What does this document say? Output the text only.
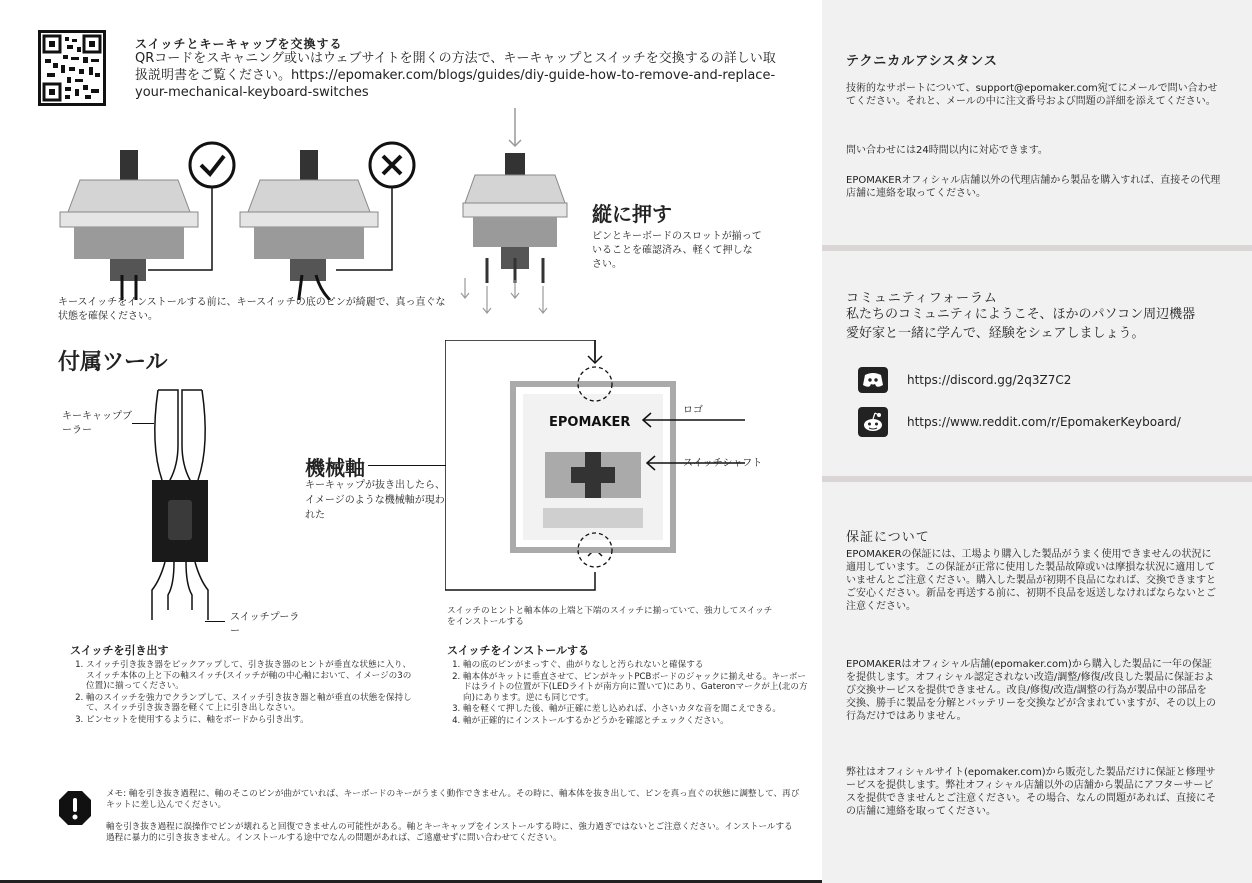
スイッチとキーキャップを交換する
QRコードをスキャニング或いはウェブサイトを開くの方法で、キーキャップとスイッチを交換するの詳しい取扱説明書をご覧ください。https://epomaker.com/blogs/guides/diy-guide-how-to-remove-and-replace-your-mechanical-keyboard-switches
キースイッチをインストールする前に、キースイッチの底のピンが綺麗で、真っ直ぐな状態を確保ください。
縦に押す
ピンとキーボードのスロットが揃っていることを確認済み、軽くて押しなさい。
付属ツール
キーキャップブーラー
スイッチプーラー
機械軸
キーキャップが抜き出したら、イメージのような機械軸が現われた
EPOMAKER
ロゴ
スイッチシャフト
スイッチのヒントと軸本体の上端と下端のスイッチに揃っていて、強力してスイッチをインストールする
スイッチを引き出す
1. スイッチ引き抜き器をピックアップして、引き抜き器のヒントが垂直な状態に入り、スイッチ本体の上と下の軸スイッチ(スイッチが軸の中心軸において、イメージの3の位置)に揃ってください。
2. 軸のスイッチを強力でクランプして、スイッチ引き抜き器と軸が垂直の状態を保持して、スイッチ引き抜き器を軽くて上に引き出しなさい。
3. ピンセットを使用するように、軸をボードから引き出す。
スイッチをインストールする
1. 軸の底のピンがまっすぐ、曲がりなしと汚られないと確保する
2. 軸本体がキットに垂直させて、ピンがキットPCBボードのジャックに揃えせる。キーボードはライトの位置が下(LEDライトが南方向に置いて)にあり、Gateronマークが上(北の方向)にあります。逆にも同じです。
3. 軸を軽くて押した後、軸が正確に差し込めれば、小さいカタな音を聞こえできる。
4. 軸が正確的にインストールするかどうかを確認とチェックください。
メモ: 軸を引き抜き過程に、軸のそこのピンが曲がていれば、キーボードのキーがうまく動作できません。その時に、軸本体を抜き出して、ピンを真っ直ぐの状態に調整して、再びキットに差し込んでください。
軸を引き抜き過程に誤操作でピンが壊れると回復できませんの可能性がある。軸とキーキャップをインストールする時に、強力過ぎではないとご注意ください。インストールする過程に暴力的に引き抜きません。インストールする途中でなんの問題があれば、ご遠慮せずに問い合わせてください。
テクニカルアシスタンス
技術的なサポートについて、support@epomaker.com宛てにメールで問い合わせてください。それと、メールの中に注文番号および問題の詳細を添えてください。
問い合わせには24時間以内に対応できます。
EPOMAKERオフィシャル店舗以外の代理店舗から製品を購入すれば、直接その代理店舗に連絡を取ってください。
コミュニティフォーラム
私たちのコミュニティにようこそ、ほかのパソコン周辺機器愛好家と一緒に学んで、経験をシェアしましょう。
https://discord.gg/2q3Z7C2
https://www.reddit.com/r/EpomakerKeyboard/
保証について
EPOMAKERの保証には、工場より購入した製品がうまく使用できませんの状況に適用しています。この保証が正常に使用した製品故障或いは摩損な状況に適用していませんとご注意ください。購入した製品が初期不良品になれば、交換できますとご安心ください。新品を再送する前に、初期不良品を返送しなければならないとご注意ください。
EPOMAKERはオフィシャル店舗(epomaker.com)から購入した製品に一年の保証を提供します。オフィシャル認定されない改造/調整/修復/改良した製品に保証および交換サービスを提供できません。改良/修復/改造/調整の行為が製品中の部品を交換、勝手に製品を分解とバッテリーを交換などが含まれていますが、その以上の行為だけではありません。
弊社はオフィシャルサイト(epomaker.com)から販売した製品だけに保証と修理サービスを提供します。弊社オフィシャル店舗以外の店舗から製品にアフターサービスを提供できませんとご注意ください。その場合、なんの問題があれば、直接にその店舗に連絡を取ってください。
